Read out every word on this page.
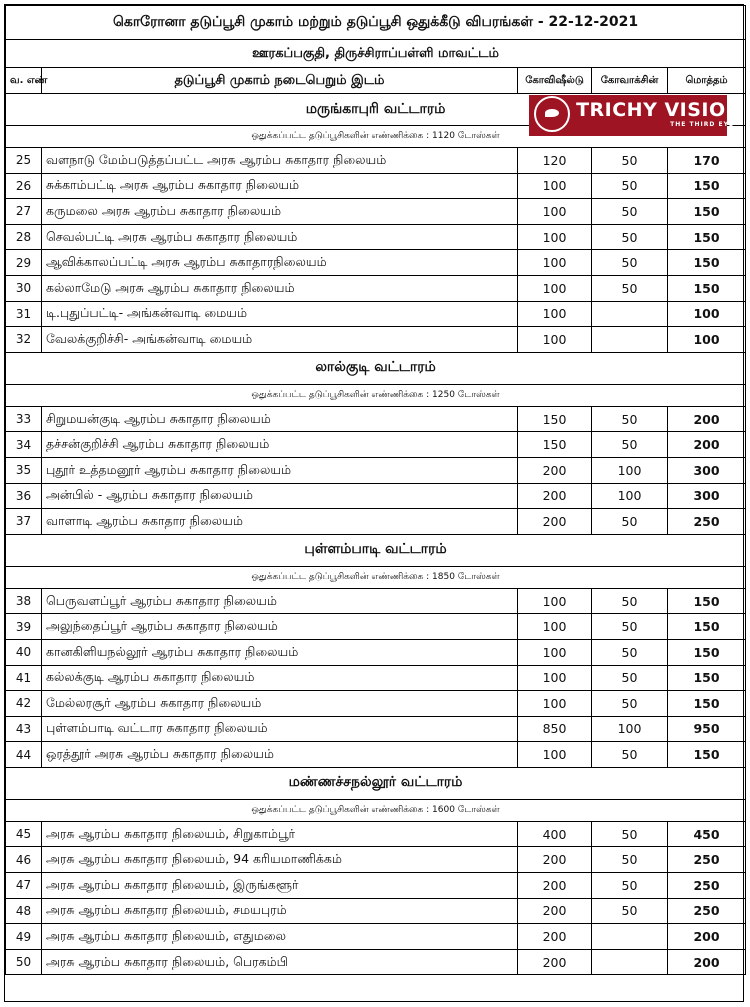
கொரோனா தடுப்பூசி முகாம் மற்றும் தடுப்பூசி ஒதுக்கீடு விபரங்கள் - 22-12-2021				
ஊரகப்பகுதி, திருச்சிராப்பள்ளி மாவட்டம்				
வ. எண்	தடுப்பூசி முகாம் நடைபெறும் இடம்	கோவிஷீல்டு	கோவாக்சின்	மொத்தம்
மருங்காபுரி வட்டாரம் TRICHY VISION
THE THIRD EYE				

ஒதுக்கப்பட்ட தடுப்பூசிகளின் எண்ணிக்கை : 1120 டோஸ்கள்				
25	வளநாடு மேம்படுத்தப்பட்ட அரசு ஆரம்ப சுகாதார நிலையம்	120	50	170
26	சுக்காம்பட்டி அரசு ஆரம்ப சுகாதார நிலையம்	100	50	150
27	கருமலை அரசு ஆரம்ப சுகாதார நிலையம்	100	50	150
28	செவல்பட்டி அரசு ஆரம்ப சுகாதார நிலையம்	100	50	150
29	ஆவிக்காலப்பட்டி அரசு ஆரம்ப சுகாதாரநிலையம்	100	50	150
30	கல்லாமேடு அரசு ஆரம்ப சுகாதார நிலையம்	100	50	150
31	டி.புதுப்பட்டி- அங்கன்வாடி மையம்	100		100
32	வேலக்குறிச்சி- அங்கன்வாடி மையம்	100		100
லால்குடி வட்டாரம்				
ஒதுக்கப்பட்ட தடுப்பூசிகளின் எண்ணிக்கை : 1250 டோஸ்கள்				
33	சிறுமயன்குடி ஆரம்ப சுகாதார நிலையம்	150	50	200
34	தச்சன்குறிச்சி ஆரம்ப சுகாதார நிலையம்	150	50	200
35	புதூர் உத்தமனூர் ஆரம்ப சுகாதார நிலையம்	200	100	300
36	அன்பில் - ஆரம்ப சுகாதார நிலையம்	200	100	300
37	வாளாடி ஆரம்ப சுகாதார நிலையம்	200	50	250
புள்ளம்பாடி வட்டாரம்				
ஒதுக்கப்பட்ட தடுப்பூசிகளின் எண்ணிக்கை : 1850 டோஸ்கள்				
38	பெருவளப்பூர் ஆரம்ப சுகாதார நிலையம்	100	50	150
39	அலுந்தைப்பூர் ஆரம்ப சுகாதார நிலையம்	100	50	150
40	கானகிளியநல்லூர் ஆரம்ப சுகாதார நிலையம்	100	50	150
41	கல்லக்குடி ஆரம்ப சுகாதார நிலையம்	100	50	150
42	மேல்லரசூர் ஆரம்ப சுகாதார நிலையம்	100	50	150
43	புள்ளம்பாடி வட்டார சுகாதார நிலையம்	850	100	950
44	ஒரத்தூர் அரசு ஆரம்ப சுகாதார நிலையம்	100	50	150
மண்ணச்சநல்லூர் வட்டாரம்				
ஒதுக்கப்பட்ட தடுப்பூசிகளின் எண்ணிக்கை : 1600 டோஸ்கள்				
45	அரசு ஆரம்ப சுகாதார நிலையம், சிறுகாம்பூர்	400	50	450
46	அரசு ஆரம்ப சுகாதார நிலையம், 94 கரியமாணிக்கம்	200	50	250
47	அரசு ஆரம்ப சுகாதார நிலையம், இருங்களூர்	200	50	250
48	அரசு ஆரம்ப சுகாதார நிலையம், சமயபுரம்	200	50	250
49	அரசு ஆரம்ப சுகாதார நிலையம், எதுமலை	200		200
50	அரசு ஆரம்ப சுகாதார நிலையம், பெரகம்பி	200		200
